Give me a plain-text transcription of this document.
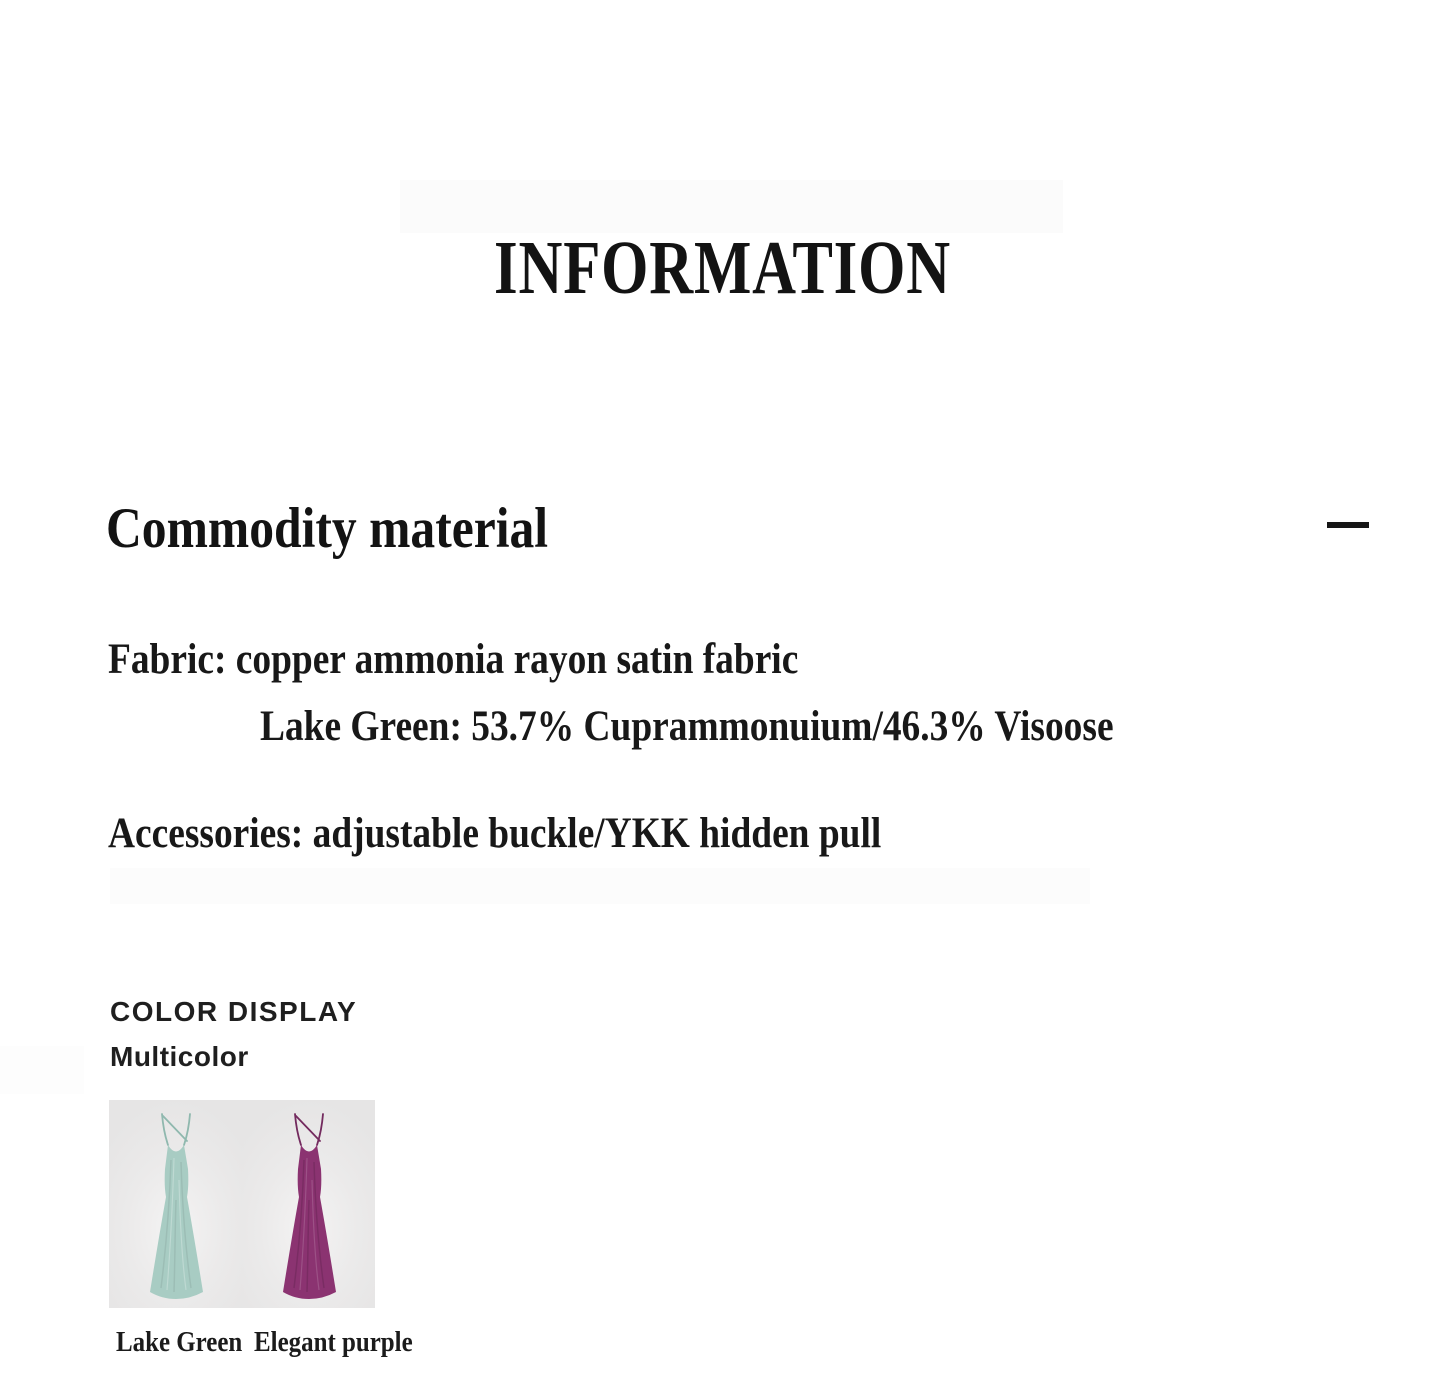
INFORMATION
Commodity material
Fabric: copper ammonia rayon satin fabric
Lake Green: 53.7% Cuprammonuium/46.3% Visoose
Accessories: adjustable buckle/YKK hidden pull
COLOR DISPLAY
Multicolor
Lake Green Elegant purple
